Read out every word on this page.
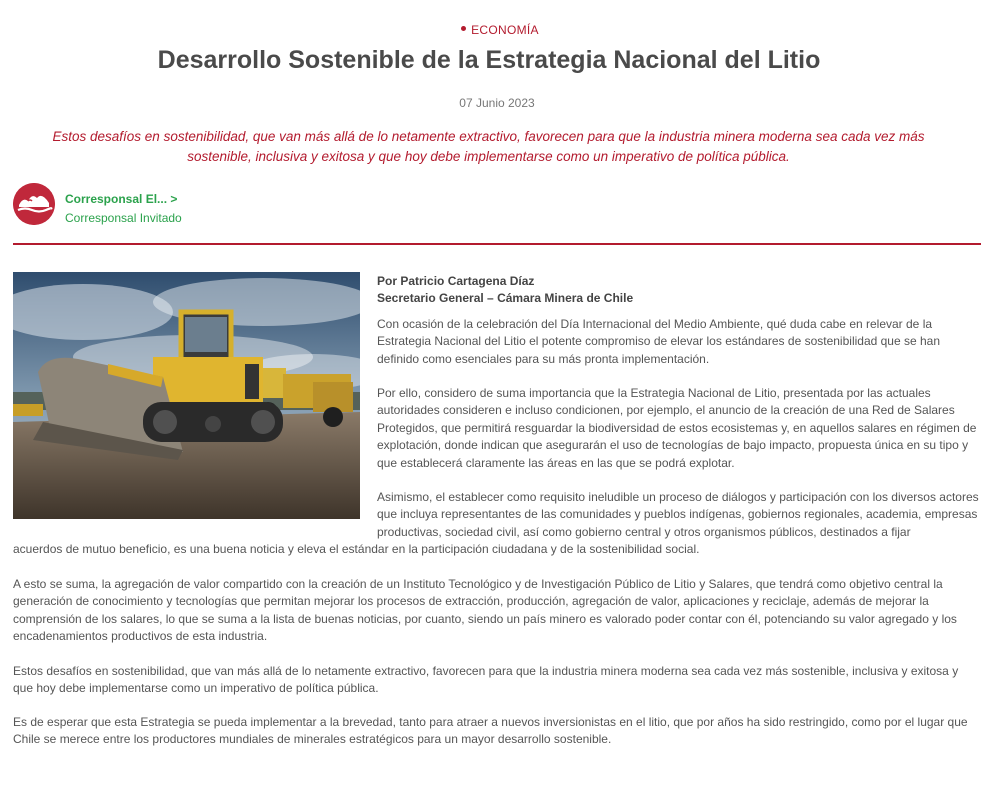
ECONOMÍA
Desarrollo Sostenible de la Estrategia Nacional del Litio
07 Junio 2023

Estos desafíos en sostenibilidad, que van más allá de lo netamente extractivo, favorecen para que la industria minera moderna sea cada vez más sostenible, inclusiva y exitosa y que hoy debe implementarse como un imperativo de política pública.

Corresponsal El... >
Corresponsal Invitado
Por Patricio Cartagena Díaz
Secretario General – Cámara Minera de Chile

Con ocasión de la celebración del Día Internacional del Medio Ambiente, qué duda cabe en relevar de la Estrategia Nacional del Litio el potente compromiso de elevar los estándares de sostenibilidad que se han definido como esenciales para su más pronta implementación.

Por ello, considero de suma importancia que la Estrategia Nacional de Litio, presentada por las actuales autoridades consideren e incluso condicionen, por ejemplo, el anuncio de la creación de una Red de Salares Protegidos, que permitirá resguardar la biodiversidad de estos ecosistemas y, en aquellos salares en régimen de explotación, donde indican que asegurarán el uso de tecnologías de bajo impacto, propuesta única en su tipo y que establecerá claramente las áreas en las que se podrá explotar.

Asimismo, el establecer como requisito ineludible un proceso de diálogos y participación con los diversos actores que incluya representantes de las comunidades y pueblos indígenas, gobiernos regionales, academia, empresas productivas, sociedad civil, así como gobierno central y otros organismos públicos, destinados a fijar

acuerdos de mutuo beneficio, es una buena noticia y eleva el estándar en la participación ciudadana y de la sostenibilidad social.

A esto se suma, la agregación de valor compartido con la creación de un Instituto Tecnológico y de Investigación Público de Litio y Salares, que tendrá como objetivo central la generación de conocimiento y tecnologías que permitan mejorar los procesos de extracción, producción, agregación de valor, aplicaciones y reciclaje, además de mejorar la comprensión de los salares, lo que se suma a la lista de buenas noticias, por cuanto, siendo un país minero es valorado poder contar con él, potenciando su valor agregado y los encadenamientos productivos de esta industria.

Estos desafíos en sostenibilidad, que van más allá de lo netamente extractivo, favorecen para que la industria minera moderna sea cada vez más sostenible, inclusiva y exitosa y que hoy debe implementarse como un imperativo de política pública.

Es de esperar que esta Estrategia se pueda implementar a la brevedad, tanto para atraer a nuevos inversionistas en el litio, que por años ha sido restringido, como por el lugar que Chile se merece entre los productores mundiales de minerales estratégicos para un mayor desarrollo sostenible.
